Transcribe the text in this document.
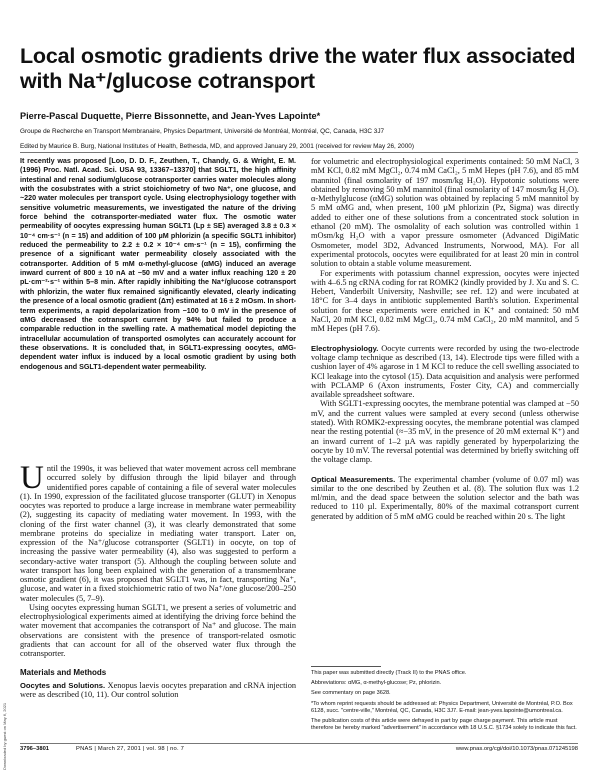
Local osmotic gradients drive the water flux associated with Na⁺/glucose cotransport
Pierre-Pascal Duquette, Pierre Bissonnette, and Jean-Yves Lapointe*
Groupe de Recherche en Transport Membranaire, Physics Department, Université de Montréal, Montréal, QC, Canada, H3C 3J7
Edited by Maurice B. Burg, National Institutes of Health, Bethesda, MD, and approved January 29, 2001 (received for review May 26, 2000)
It recently was proposed [Loo, D. D. F., Zeuthen, T., Chandy, G. & Wright, E. M. (1996) Proc. Natl. Acad. Sci. USA 93, 13367–13370] that SGLT1, the high affinity intestinal and renal sodium/glucose cotransporter carries water molecules along with the cosubstrates with a strict stoichiometry of two Na⁺, one glucose, and ~220 water molecules per transport cycle. Using electrophysiology together with sensitive volumetric measurements, we investigated the nature of the driving force behind the cotransporter-mediated water flux. The osmotic water permeability of oocytes expressing human SGLT1 (Lp ± SE) averaged 3.8 ± 0.3 × 10⁻⁴ cm·s⁻¹ (n = 15) and addition of 100 µM phlorizin (a specific SGLT1 inhibitor) reduced the permeability to 2.2 ± 0.2 × 10⁻⁴ cm·s⁻¹ (n = 15), confirming the presence of a significant water permeability closely associated with the cotransporter. Addition of 5 mM α-methyl-glucose (αMG) induced an average inward current of 800 ± 10 nA at −50 mV and a water influx reaching 120 ± 20 pL·cm⁻²·s⁻¹ within 5–8 min. After rapidly inhibiting the Na⁺/glucose cotransport with phlorizin, the water flux remained significantly elevated, clearly indicating the presence of a local osmotic gradient (Δπ) estimated at 16 ± 2 mOsm. In short-term experiments, a rapid depolarization from −100 to 0 mV in the presence of αMG decreased the cotransport current by 94% but failed to produce a comparable reduction in the swelling rate. A mathematical model depicting the intracellular accumulation of transported osmolytes can accurately account for these observations. It is concluded that, in SGLT1-expressing oocytes, αMG-dependent water influx is induced by a local osmotic gradient by using both endogenous and SGLT1-dependent water permeability.

Until the 1990s, it was believed that water movement across cell membrane occurred solely by diffusion through the lipid bilayer and through unidentified pores capable of containing a file of several water molecules (1). In 1990, expression of the facilitated glucose transporter (GLUT) in Xenopus oocytes was reported to produce a large increase in membrane water permeability (2), suggesting its capacity of mediating water movement. In 1993, with the cloning of the first water channel (3), it was clearly demonstrated that some membrane proteins do specialize in mediating water transport. Later on, expression of the Na⁺/glucose cotransporter (SGLT1) in oocyte, on top of increasing the passive water permeability (4), also was suggested to perform a secondary-active water transport (5). Although the coupling between solute and water transport has long been explained with the generation of a transmembrane osmotic gradient (6), it was proposed that SGLT1 was, in fact, transporting Na⁺, glucose, and water in a fixed stoichiometric ratio of two Na⁺/one glucose/200–250 water molecules (5, 7–9).

Using oocytes expressing human SGLT1, we present a series of volumetric and electrophysiological experiments aimed at identifying the driving force behind the water movement that accompanies the cotransport of Na⁺ and glucose. The main observations are consistent with the presence of transport-related osmotic gradients that can account for all of the observed water flux through the cotransporter.

Materials and Methods

Oocytes and Solutions. Xenopus laevis oocytes preparation and cRNA injection were as described (10, 11). Our control solution

for volumetric and electrophysiological experiments contained: 50 mM NaCl, 3 mM KCl, 0.82 mM MgCl₂, 0.74 mM CaCl₂, 5 mM Hepes (pH 7.6), and 85 mM mannitol (final osmolarity of 197 mosm/kg H₂O). Hypotonic solutions were obtained by removing 50 mM mannitol (final osmolarity of 147 mosm/kg H₂O). α-Methylglucose (αMG) solution was obtained by replacing 5 mM mannitol by 5 mM αMG and, when present, 100 µM phlorizin (Pz, Sigma) was directly added to either one of these solutions from a concentrated stock solution in ethanol (20 mM). The osmolality of each solution was controlled within 1 mOsm/kg H₂O with a vapor pressure osmometer (Advanced DigiMatic Osmometer, model 3D2, Advanced Instruments, Norwood, MA). For all experimental protocols, oocytes were equilibrated for at least 20 min in control solution to obtain a stable volume measurement.

For experiments with potassium channel expression, oocytes were injected with 4–6.5 ng cRNA coding for rat ROMK2 (kindly provided by J. Xu and S. C. Hebert, Vanderbilt University, Nashville; see ref. 12) and were incubated at 18°C for 3–4 days in antibiotic supplemented Barth's solution. Experimental solution for these experiments were enriched in K⁺ and contained: 50 mM NaCl, 20 mM KCl, 0.82 mM MgCl₂, 0.74 mM CaCl₂, 20 mM mannitol, and 5 mM Hepes (pH 7.6).

Electrophysiology. Oocyte currents were recorded by using the two-electrode voltage clamp technique as described (13, 14). Electrode tips were filled with a cushion layer of 4% agarose in 1 M KCl to reduce the cell swelling associated to KCl leakage into the cytosol (15). Data acquisition and analysis were performed with PCLAMP 6 (Axon instruments, Foster City, CA) and commercially available spreadsheet software.

With SGLT1-expressing oocytes, the membrane potential was clamped at −50 mV, and the current values were sampled at every second (unless otherwise stated). With ROMK2-expressing oocytes, the membrane potential was clamped near the resting potential (≈−35 mV, in the presence of 20 mM external K⁺) and an inward current of 1–2 µA was rapidly generated by hyperpolarizing the oocyte by 10 mV. The reversal potential was determined by briefly switching off the voltage clamp.

Optical Measurements. The experimental chamber (volume of 0.07 ml) was similar to the one described by Zeuthen et al. (8). The solution flux was 1.2 ml/min, and the dead space between the solution selector and the bath was reduced to 110 µl. Experimentally, 80% of the maximal cotransport current generated by addition of 5 mM αMG could be reached within 20 s. The light

This paper was submitted directly (Track II) to the PNAS office.

Abbreviations: αMG, α-methyl-glucose; Pz, phlorizin.

See commentary on page 3628.

*To whom reprint requests should be addressed at: Physics Department, Université de Montréal, P.O. Box 6128, succ. "centre-ville," Montréal, QC, Canada, H3C 3J7. E-mail: jean-yves.lapointe@umontreal.ca.

The publication costs of this article were defrayed in part by page charge payment. This article must therefore be hereby marked "advertisement" in accordance with 18 U.S.C. §1734 solely to indicate this fact.

3796–3801	PNAS | March 27, 2001 | vol. 98 | no. 7	www.pnas.org/cgi/doi/10.1073/pnas.071245198
Downloaded by guest on May 6, 2021
